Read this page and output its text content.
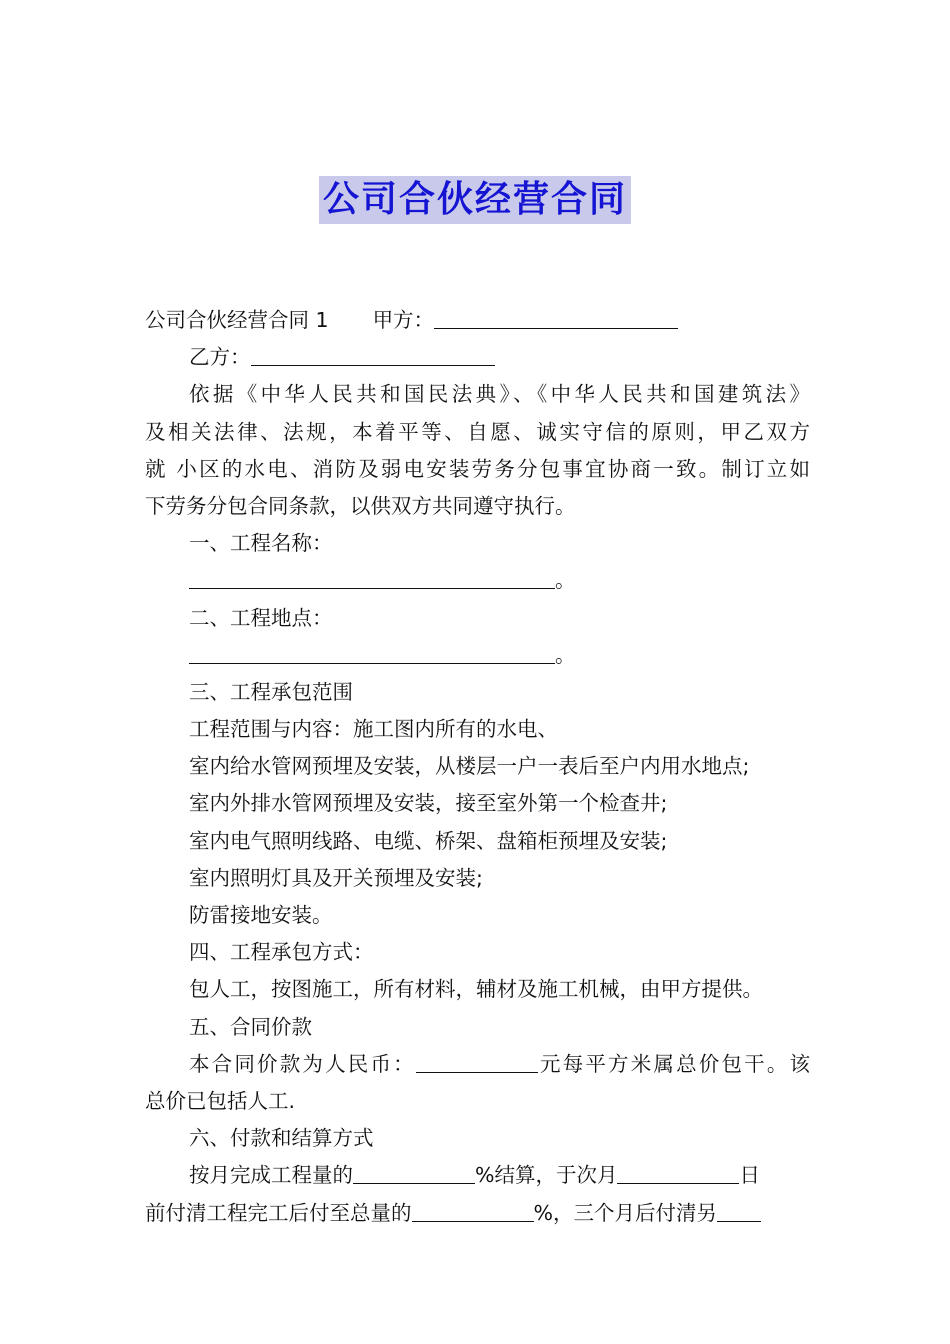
公司合伙经营合同
公司合伙经营合同 1 甲方：
乙方：
依据《中华人民共和国民法典》、《中华人民共和国建筑法》
及相关法律、法规，本着平等、自愿、诚实守信的原则，甲乙双方
就 小区的水电、消防及弱电安装劳务分包事宜协商一致。制订立如
下劳务分包合同条款，以供双方共同遵守执行。
一、工程名称：
。
二、工程地点：
。
三、工程承包范围
工程范围与内容：施工图内所有的水电、
室内给水管网预埋及安装，从楼层一户一表后至户内用水地点;
室内外排水管网预埋及安装，接至室外第一个检查井;
室内电气照明线路、电缆、桥架、盘箱柜预埋及安装;
室内照明灯具及开关预埋及安装;
防雷接地安装。
四、工程承包方式：
包人工，按图施工，所有材料，辅材及施工机械，由甲方提供。
五、合同价款
本合同价款为人民币：	元每平方米属总价包干。该
总价已包括人工.
六、付款和结算方式
按月完成工程量的	%结算，于次月	日
前付清工程完工后付至总量的	%，三个月后付清另
